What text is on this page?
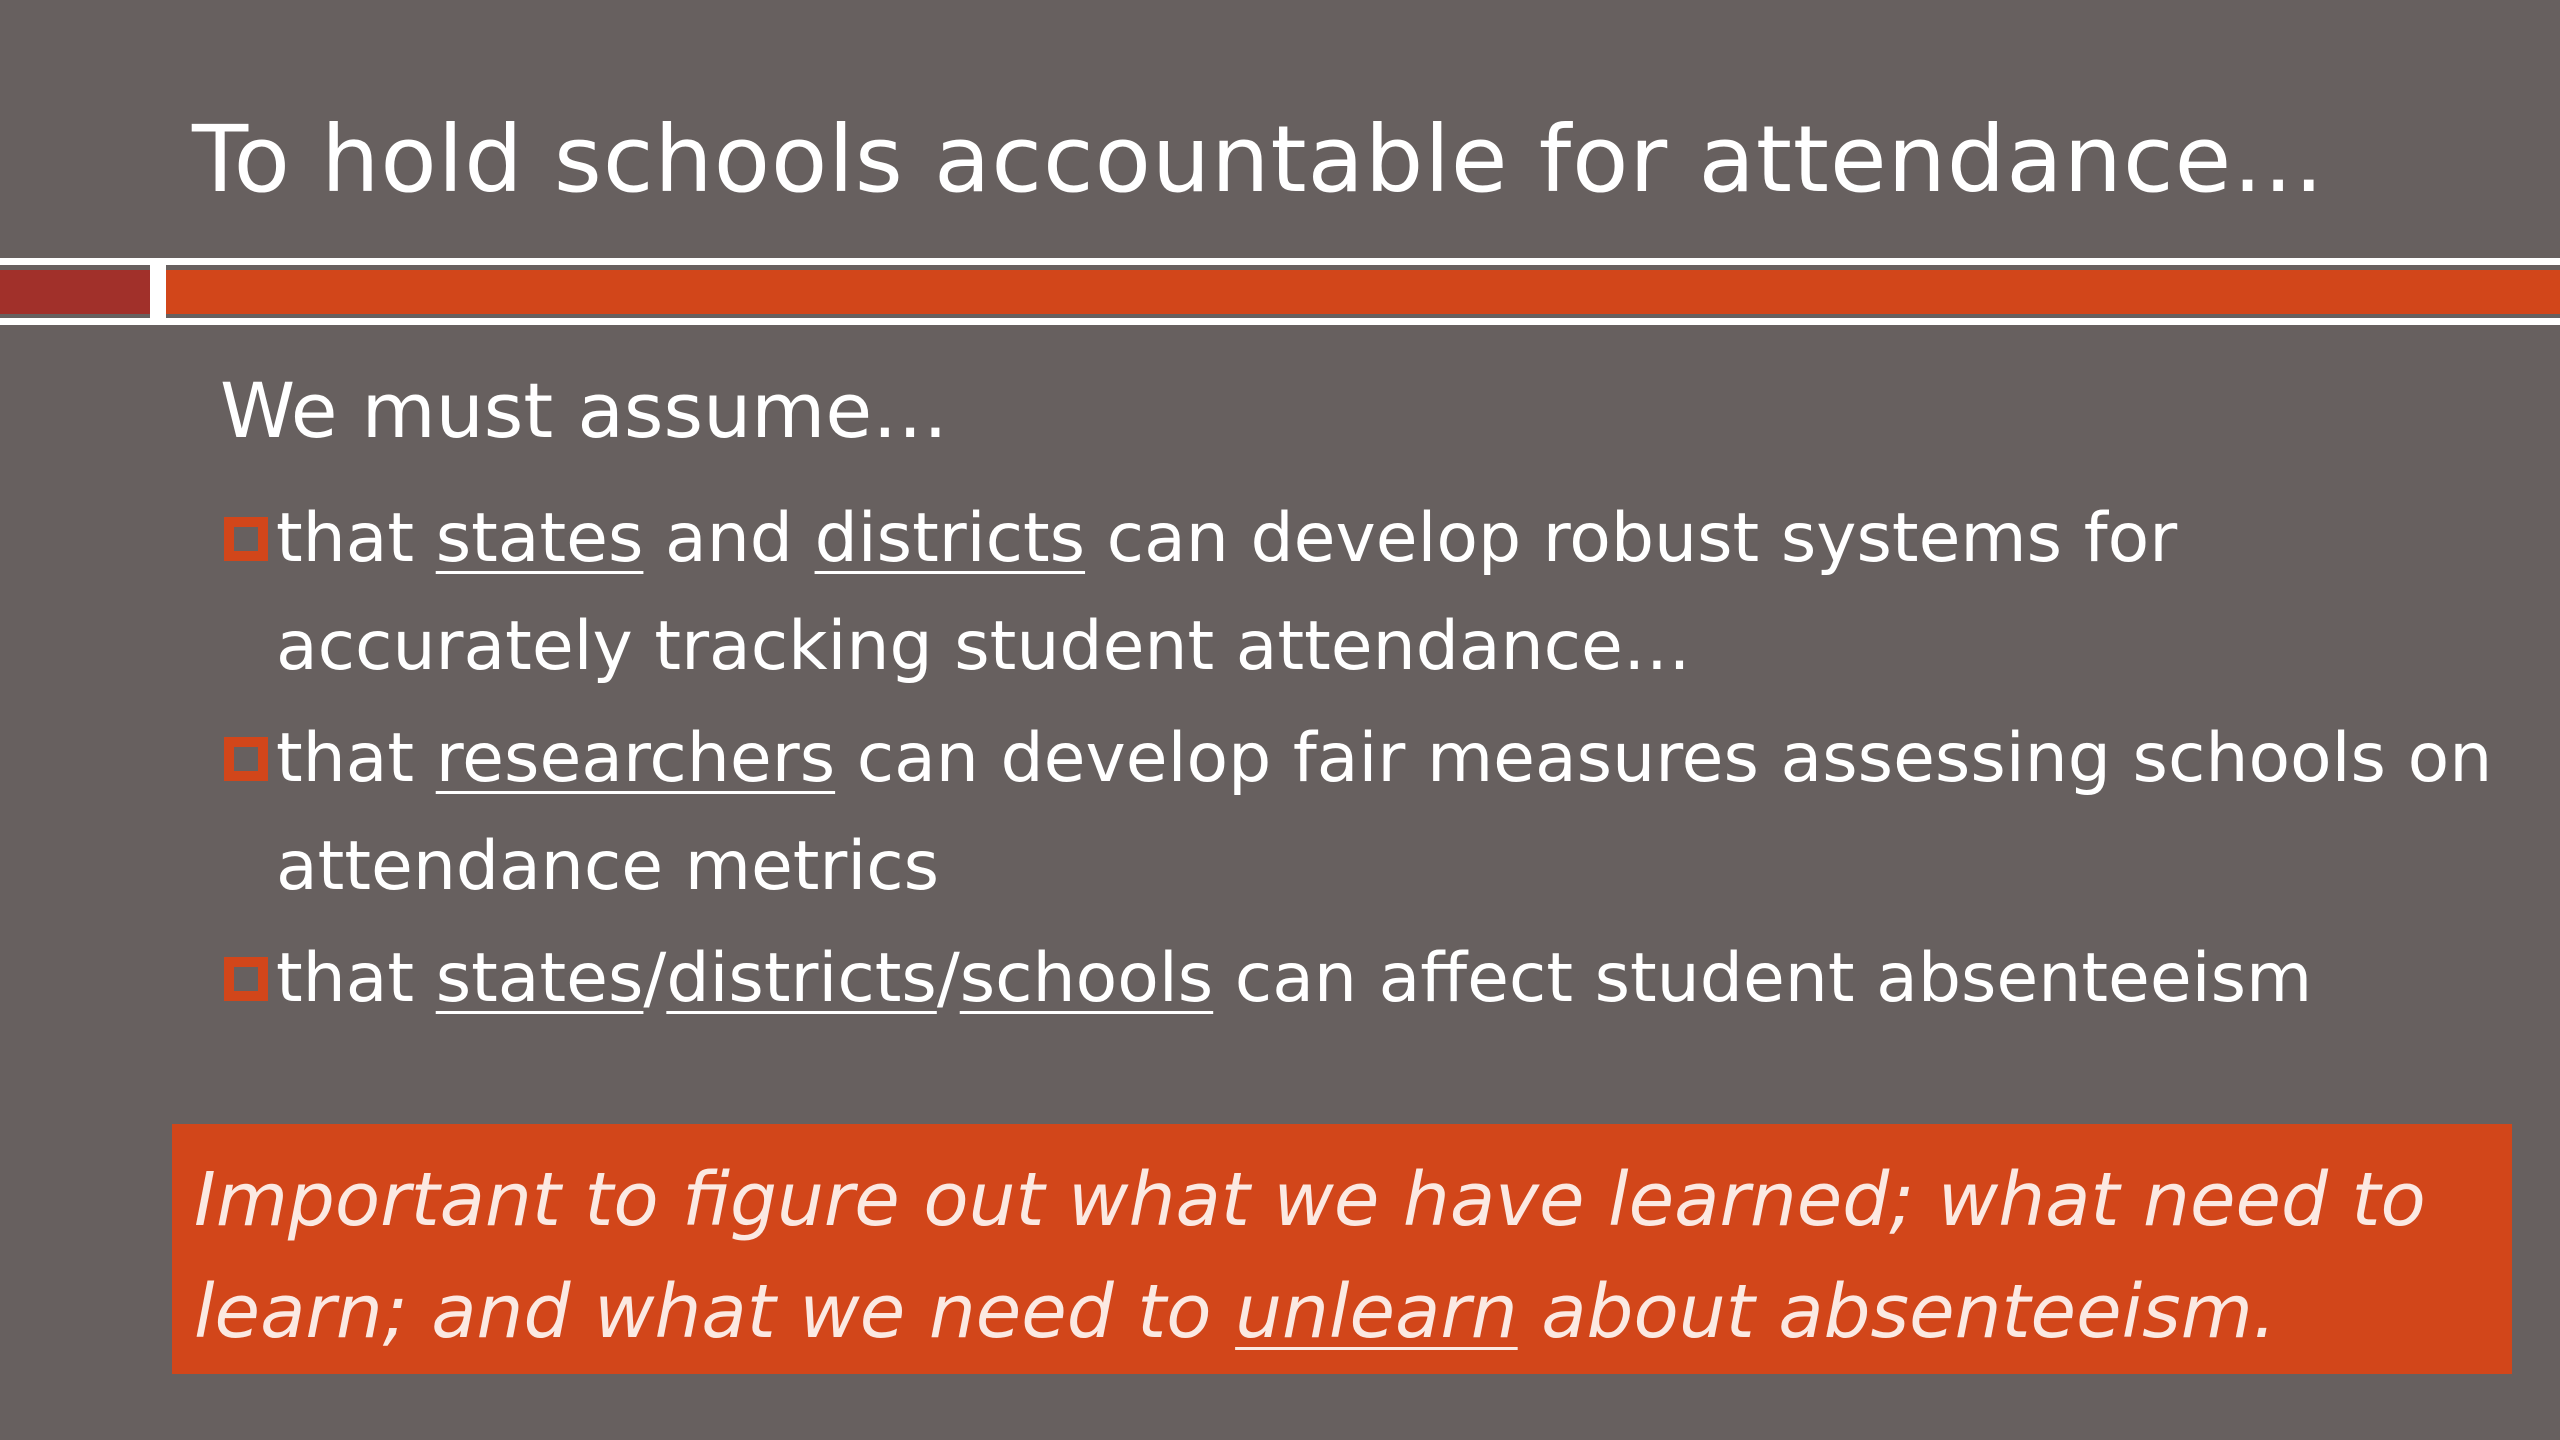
To hold schools accountable for attendance…
We must assume…
that states and districts can develop robust systems for
accurately tracking student attendance…
that researchers can develop fair measures assessing schools on
attendance metrics
that states/districts/schools can affect student absenteeism
Important to figure out what we have learned; what need to
learn; and what we need to unlearn about absenteeism.
